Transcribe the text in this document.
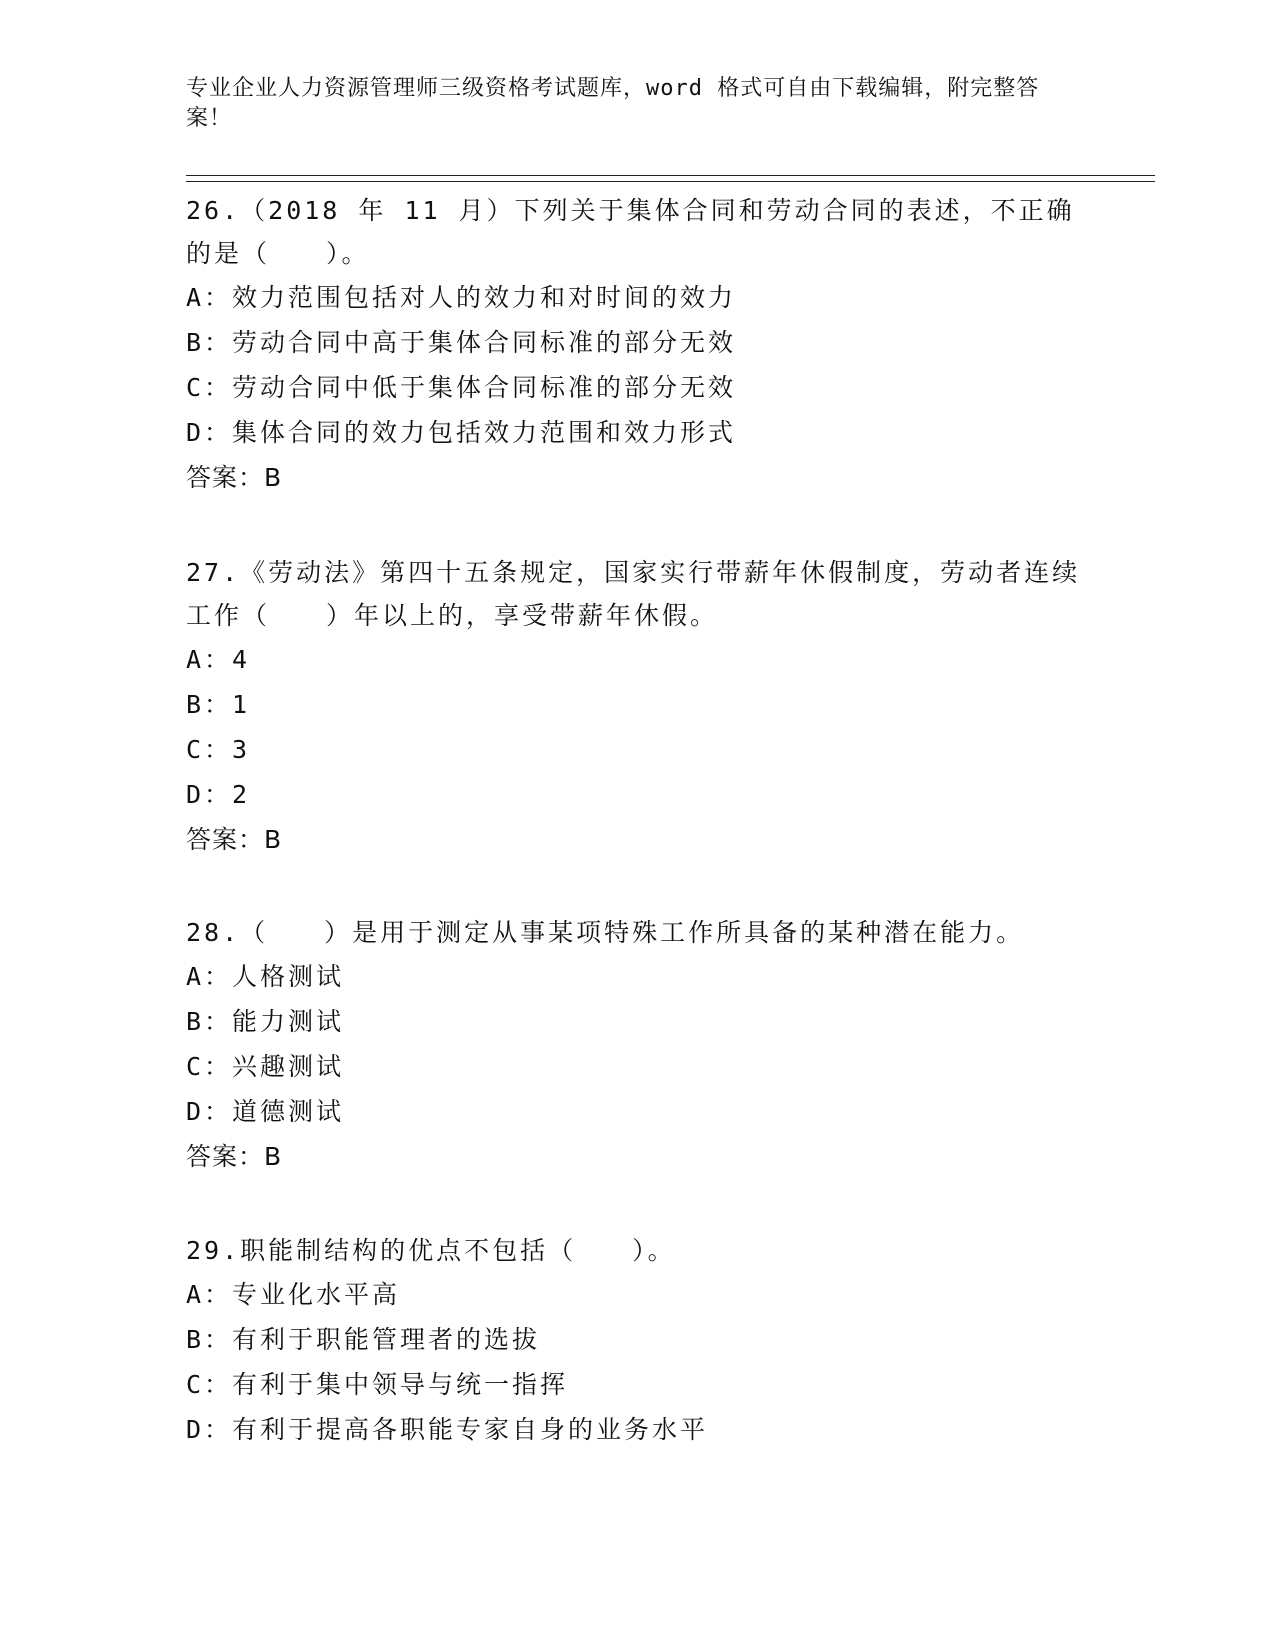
专业企业人力资源管理师三级资格考试题库，word 格式可自由下载编辑，附完整答案！

26.（2018 年 11 月）下列关于集体合同和劳动合同的表述，不正确的是（　　）。

A：效力范围包括对人的效力和对时间的效力

B：劳动合同中高于集体合同标准的部分无效

C：劳动合同中低于集体合同标准的部分无效

D：集体合同的效力包括效力范围和效力形式

答案：B

27.《劳动法》第四十五条规定，国家实行带薪年休假制度，劳动者连续工作（　　）年以上的，享受带薪年休假。

A：4

B：1

C：3

D：2

答案：B

28.（　　）是用于测定从事某项特殊工作所具备的某种潜在能力。

A：人格测试

B：能力测试

C：兴趣测试

D：道德测试

答案：B

29.职能制结构的优点不包括（　　）。

A：专业化水平高

B：有利于职能管理者的选拔

C：有利于集中领导与统一指挥

D：有利于提高各职能专家自身的业务水平
